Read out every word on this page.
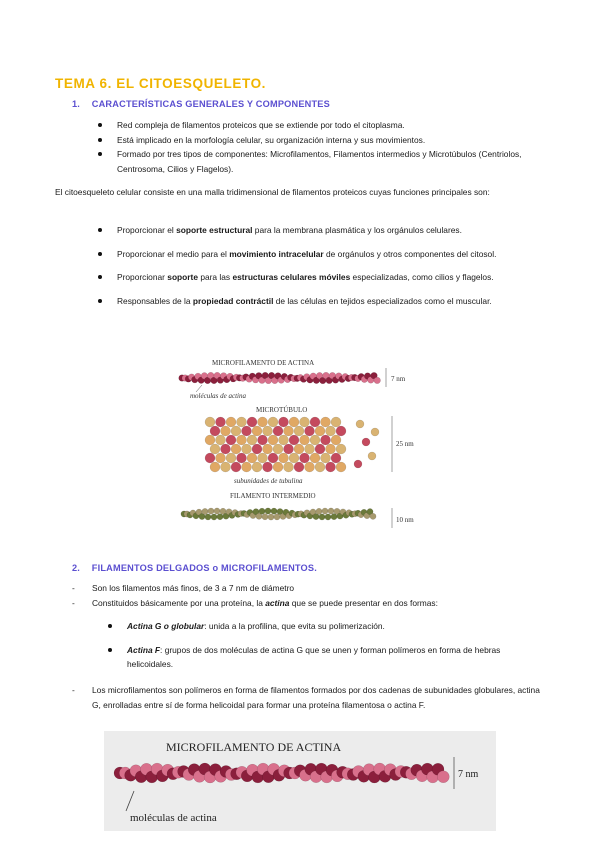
TEMA 6. EL CITOESQUELETO.
1. CARACTERÍSTICAS GENERALES Y COMPONENTES
Red compleja de filamentos proteicos que se extiende por todo el citoplasma.
Está implicado en la morfología celular, su organización interna y sus movimientos.
Formado por tres tipos de componentes: Microfilamentos, Filamentos intermedios y Microtúbulos (Centriolos, Centrosoma, Cilios y Flagelos).
El citoesqueleto celular consiste en una malla tridimensional de filamentos proteicos cuyas funciones principales son:
Proporcionar el soporte estructural para la membrana plasmática y los orgánulos celulares.
Proporcionar el medio para el movimiento intracelular de orgánulos y otros componentes del citosol.
Proporcionar soporte para las estructuras celulares móviles especializadas, como cilios y flagelos.
Responsables de la propiedad contráctil de las células en tejidos especializados como el muscular.
MICROFILAMENTO DE ACTINA
7 nm
moléculas de actina
MICROTÚBULO
25 nm
subunidades de tubulina
FILAMENTO INTERMEDIO
10 nm
2. FILAMENTOS DELGADOS o MICROFILAMENTOS.
- Son los filamentos más finos, de 3 a 7 nm de diámetro
- Constituidos básicamente por una proteína, la actina que se puede presentar en dos formas:
Actina G o globular: unida a la profilina, que evita su polimerización.
Actina F: grupos de dos moléculas de actina G que se unen y forman polímeros en forma de hebras helicoidales.
- Los microfilamentos son polímeros en forma de filamentos formados por dos cadenas de subunidades globulares, actina G, enrolladas entre sí de forma helicoidal para formar una proteína filamentosa o actina F.
MICROFILAMENTO DE ACTINA
7 nm
moléculas de actina
